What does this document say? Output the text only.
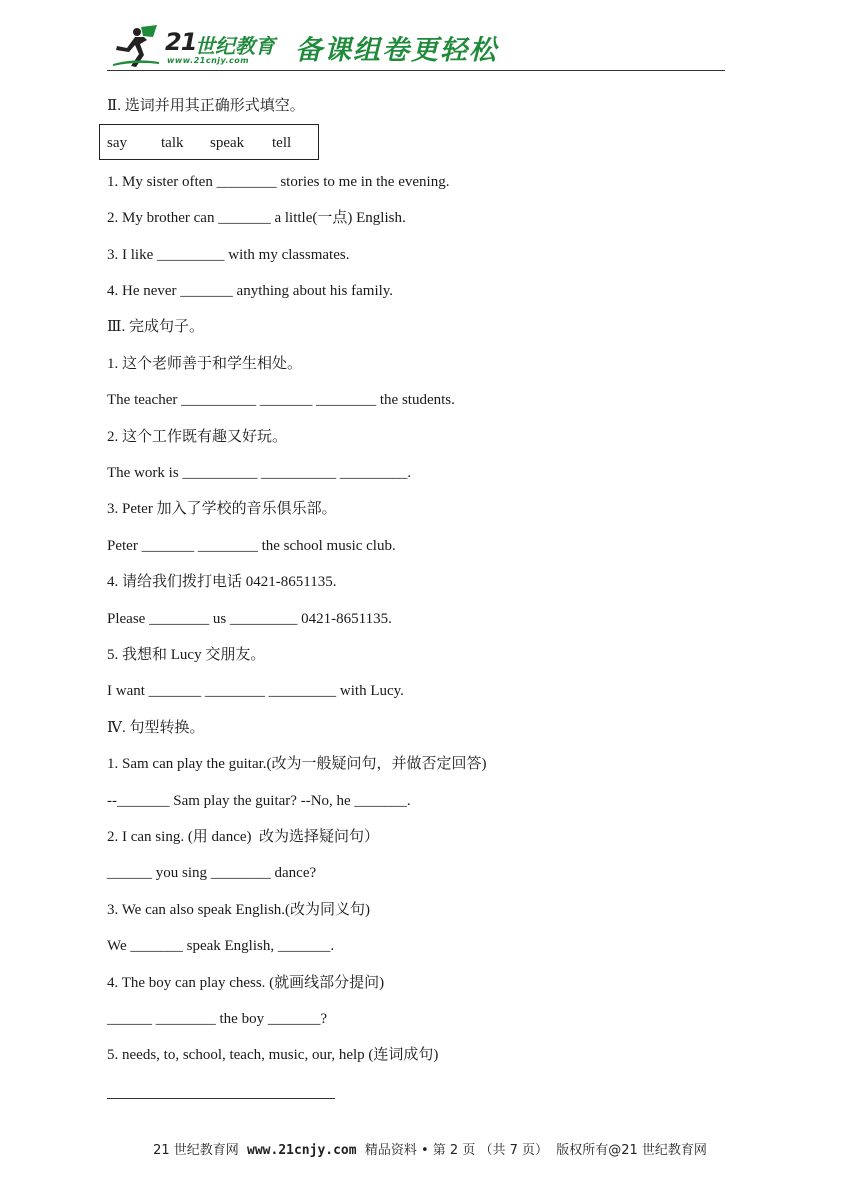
21
世纪教育
www.21cnjy.com 备课组卷更轻松
Ⅱ. 选词并用其正确形式填空。
say talk speak tell
1. My sister often ________ stories to me in the evening.
2. My brother can _______ a little(一点) English.
3. I like _________ with my classmates.
4. He never _______ anything about his family.
Ⅲ. 完成句子。
1. 这个老师善于和学生相处。
The teacher __________ _______ ________ the students.
2. 这个工作既有趣又好玩。
The work is __________ __________ _________.
3. Peter 加入了学校的音乐俱乐部。
Peter _______ ________ the school music club.
4. 请给我们拨打电话 0421-8651135.
Please ________ us _________ 0421-8651135.
5. 我想和 Lucy 交朋友。
I want _______ ________ _________ with Lucy.
Ⅳ. 句型转换。
1. Sam can play the guitar.(改为一般疑问句，并做否定回答)
--_______ Sam play the guitar? --No, he _______.
2. I can sing. (用 dance)  改为选择疑问句）
______ you sing ________ dance?
3. We can also speak English.(改为同义句)
We _______ speak English, _______.
4. The boy can play chess. (就画线部分提问)
______ ________ the boy _______?
5. needs, to, school, teach, music, our, help (连词成句)
21 世纪教育网 www.21cnjy.com 精品资料 • 第 2 页 （共 7 页）  版权所有@21 世纪教育网
